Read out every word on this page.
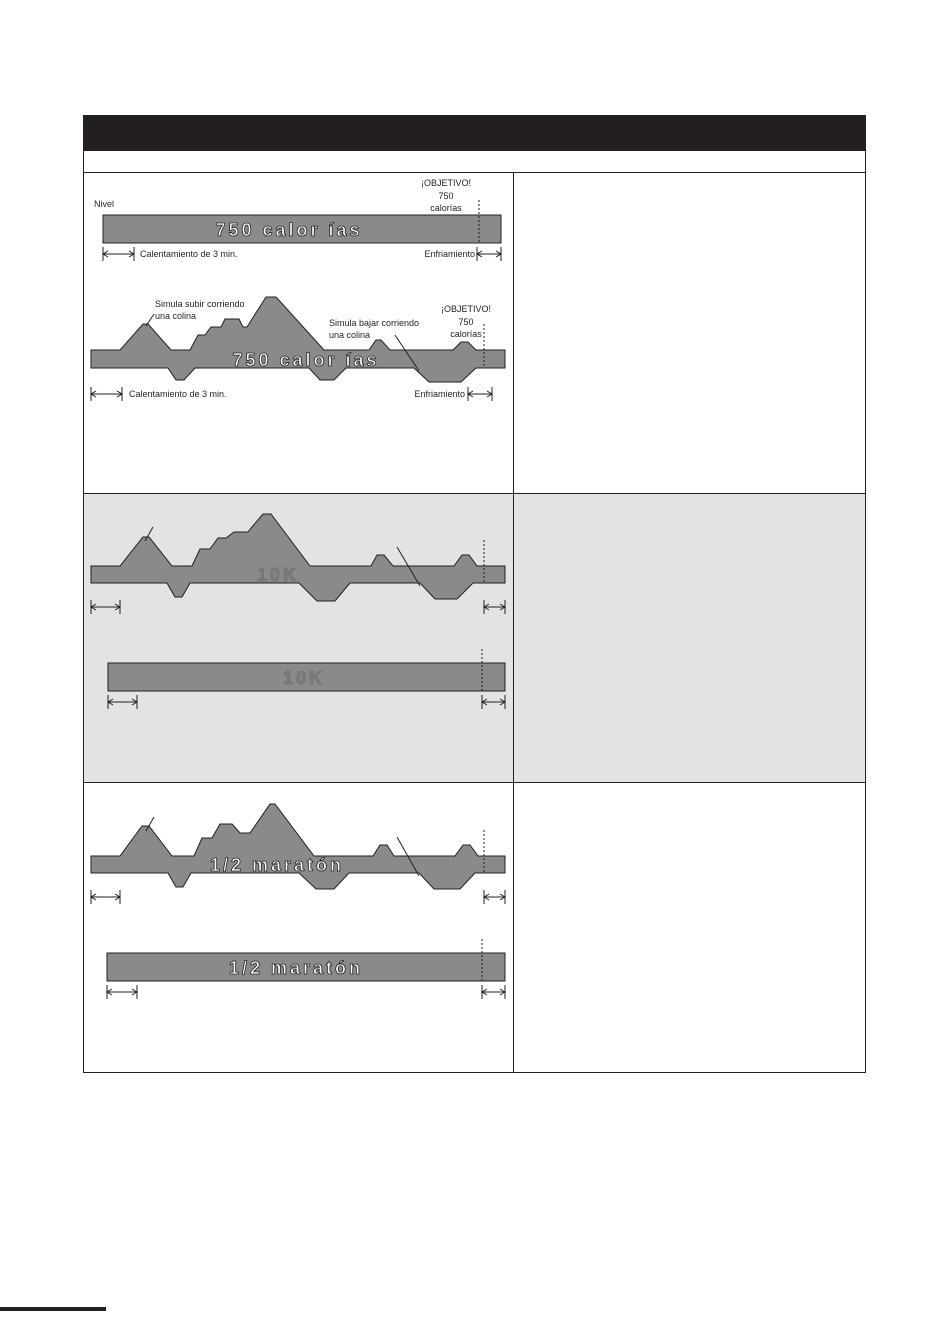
Nivel
¡OBJETIVO!
750
calorías
750 calor ías
Calentamiento de 3 min.	Enfriamiento
750 calor ías
Simula subir corriendo
una colina
Simula bajar corriendo
una colina
¡OBJETIVO!
750
calorías
Calentamiento de 3 min.	Enfriamiento
10K
10K
1/2 maratón
1/2 maratón
